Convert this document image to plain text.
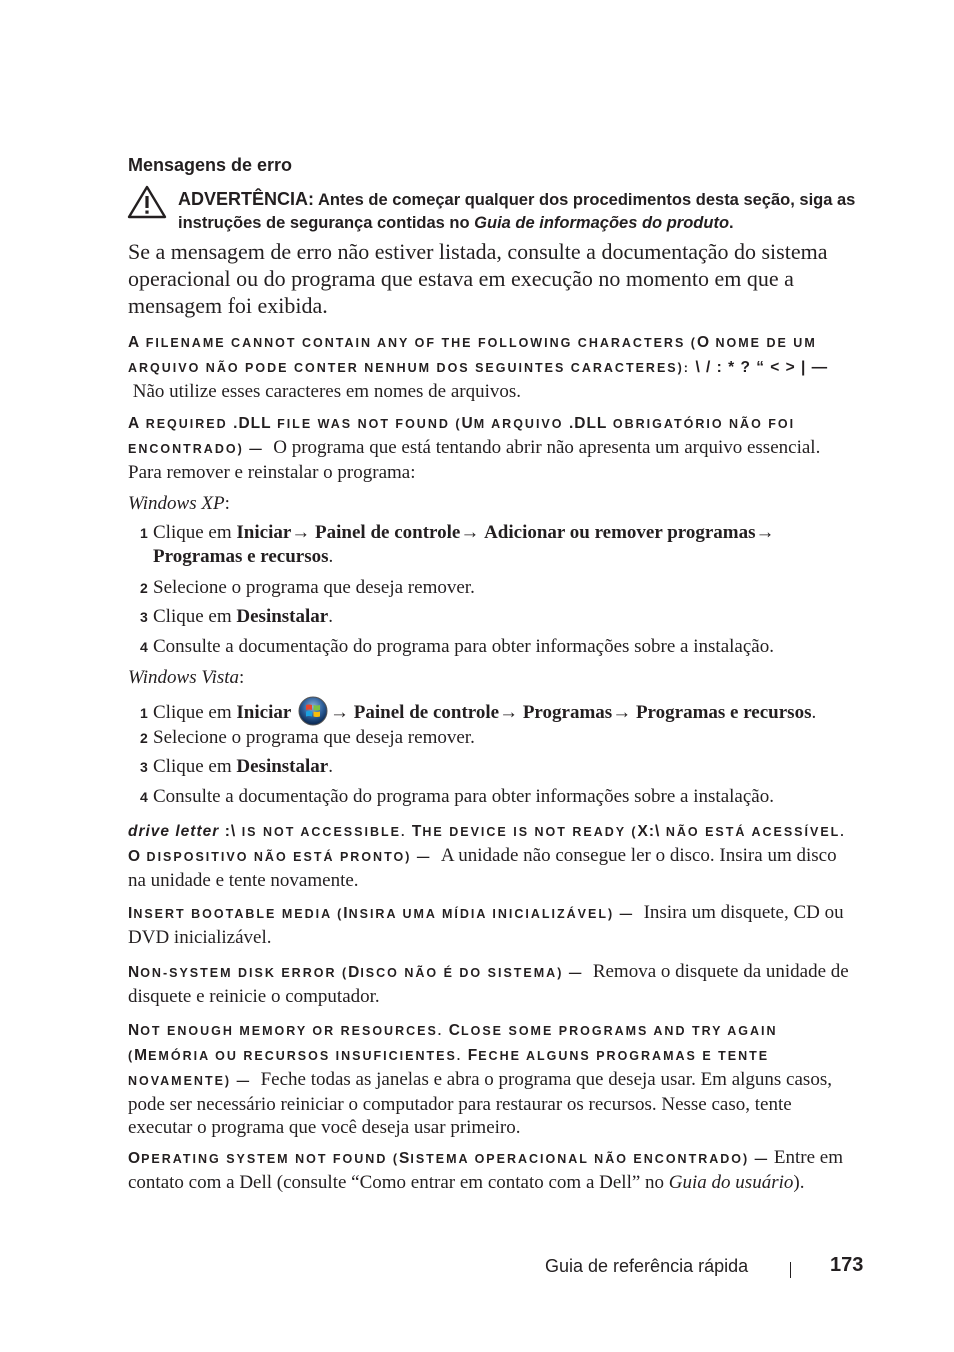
Mensagens de erro
ADVERTÊNCIA: Antes de começar qualquer dos procedimentos desta seção, siga as instruções de segurança contidas no Guia de informações do produto.
Se a mensagem de erro não estiver listada, consulte a documentação do sistema operacional ou do programa que estava em execução no momento em que a mensagem foi exibida.
A FILENAME CANNOT CONTAIN ANY OF THE FOLLOWING CHARACTERS (O NOME DE UM ARQUIVO NÃO PODE CONTER NENHUM DOS SEGUINTES CARACTERES): \ / : * ? “ < > | —  Não utilize esses caracteres em nomes de arquivos.
A REQUIRED .DLL FILE WAS NOT FOUND (UM ARQUIVO .DLL OBRIGATÓRIO NÃO FOI ENCONTRADO) — O programa que está tentando abrir não apresenta um arquivo essencial. Para remover e reinstalar o programa:
Windows XP:
1 Clique em Iniciar→ Painel de controle→ Adicionar ou remover programas→
Programas e recursos.
2 Selecione o programa que deseja remover.
3 Clique em Desinstalar.
4 Consulte a documentação do programa para obter informações sobre a instalação.
Windows Vista:
1 Clique em Iniciar → Painel de controle→ Programas→ Programas e recursos.
2 Selecione o programa que deseja remover.
3 Clique em Desinstalar.
4 Consulte a documentação do programa para obter informações sobre a instalação.
drive letter :\ IS NOT ACCESSIBLE. THE DEVICE IS NOT READY (X:\ NÃO ESTÁ ACESSÍVEL. O DISPOSITIVO NÃO ESTÁ PRONTO) — A unidade não consegue ler o disco. Insira um disco na unidade e tente novamente.
INSERT BOOTABLE MEDIA (INSIRA UMA MÍDIA INICIALIZÁVEL) — Insira um disquete, CD ou DVD inicializável.
NON-SYSTEM DISK ERROR (DISCO NÃO É DO SISTEMA) — Remova o disquete da unidade de disquete e reinicie o computador.
NOT ENOUGH MEMORY OR RESOURCES. CLOSE SOME PROGRAMS AND TRY AGAIN (MEMÓRIA OU RECURSOS INSUFICIENTES. FECHE ALGUNS PROGRAMAS E TENTE NOVAMENTE) — Feche todas as janelas e abra o programa que deseja usar. Em alguns casos, pode ser necessário reiniciar o computador para restaurar os recursos. Nesse caso, tente executar o programa que você deseja usar primeiro.
OPERATING SYSTEM NOT FOUND (SISTEMA OPERACIONAL NÃO ENCONTRADO) — Entre em contato com a Dell (consulte “Como entrar em contato com a Dell” no Guia do usuário).
Guia de referência rápida	173
